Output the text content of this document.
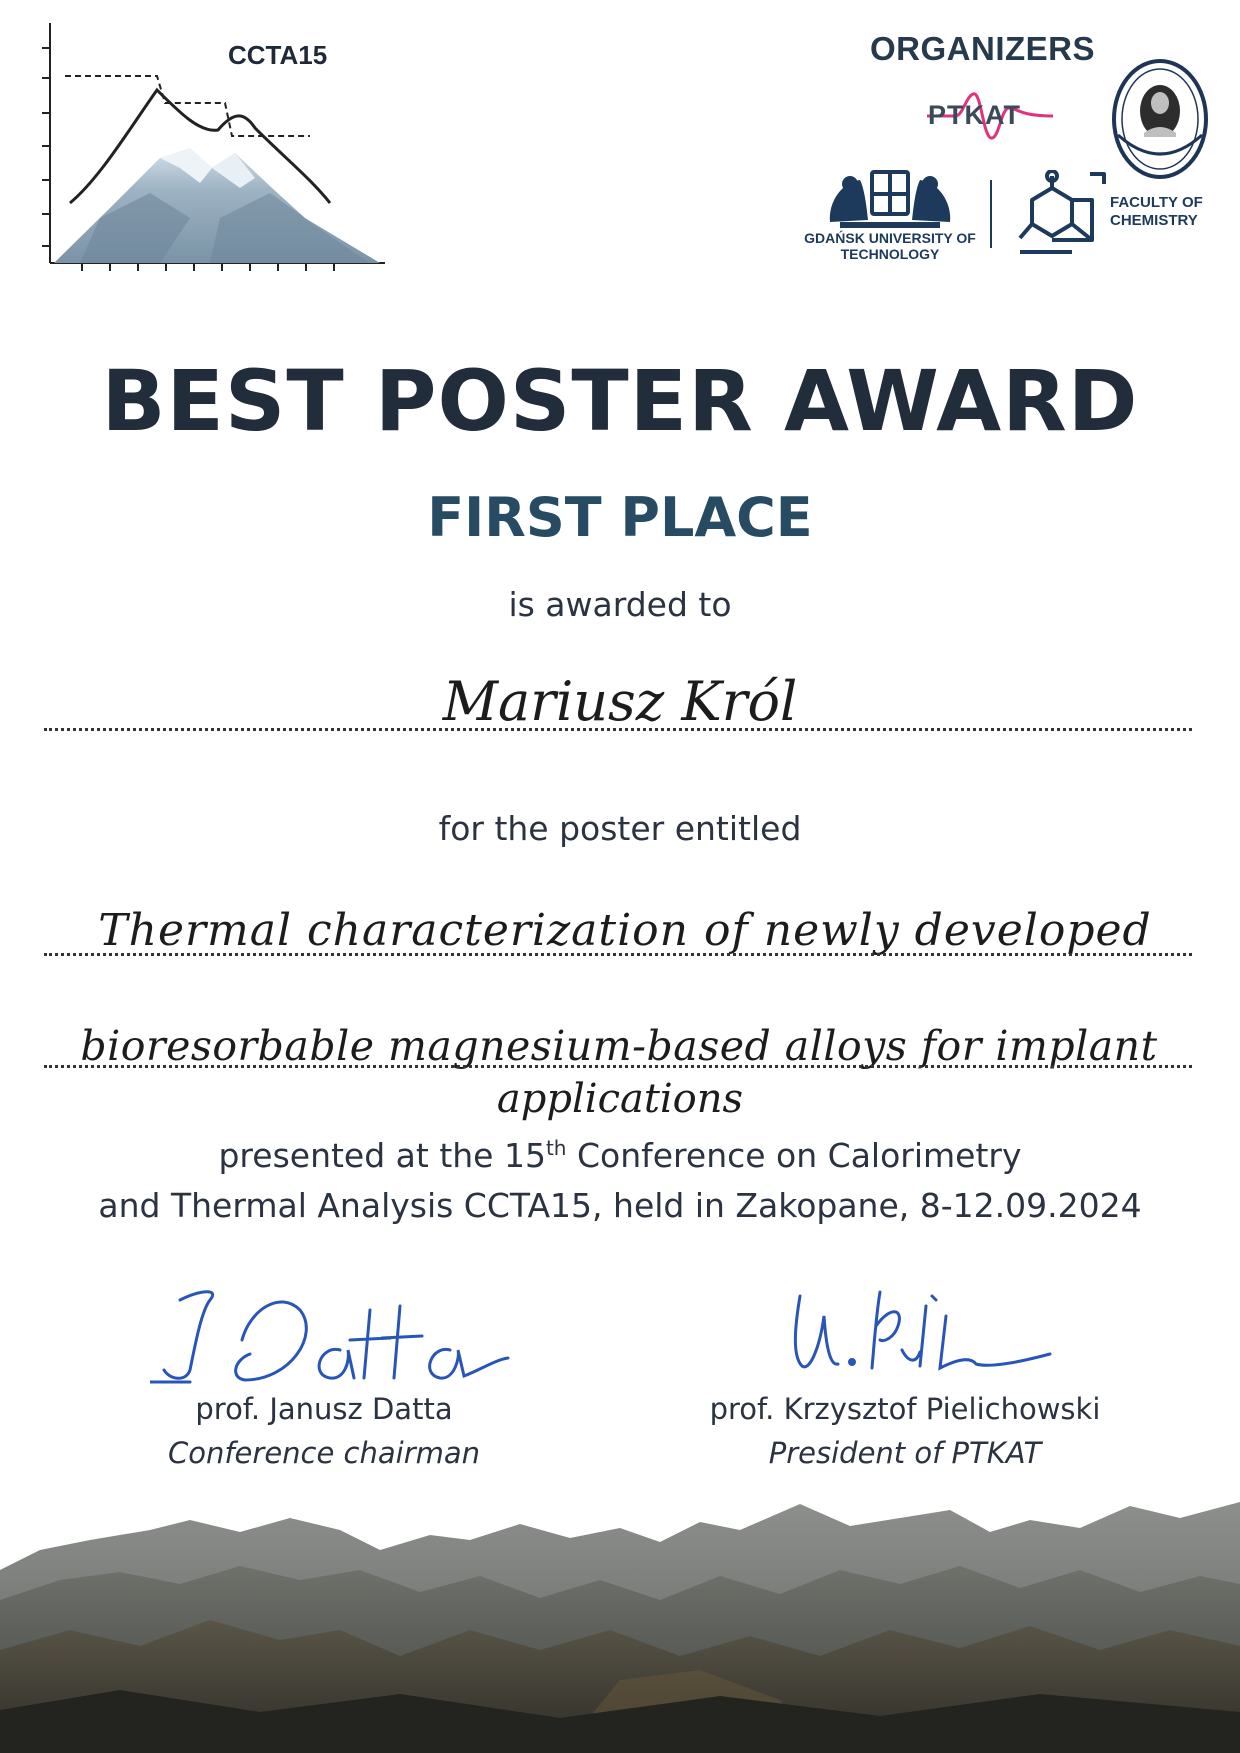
CCTA15	ORGANIZERS
PTKAT
GDAŃSK UNIVERSITY OF TECHNOLOGY
FACULTY OF CHEMISTRY
BEST POSTER AWARD
FIRST PLACE
is awarded to
Mariusz Król
for the poster entitled
Thermal characterization of newly developed
bioresorbable magnesium-based alloys for implant
applications
presented at the 15th Conference on Calorimetry
and Thermal Analysis CCTA15, held in Zakopane, 8-12.09.2024
prof. Janusz Datta
Conference chairman
prof. Krzysztof Pielichowski
President of PTKAT
